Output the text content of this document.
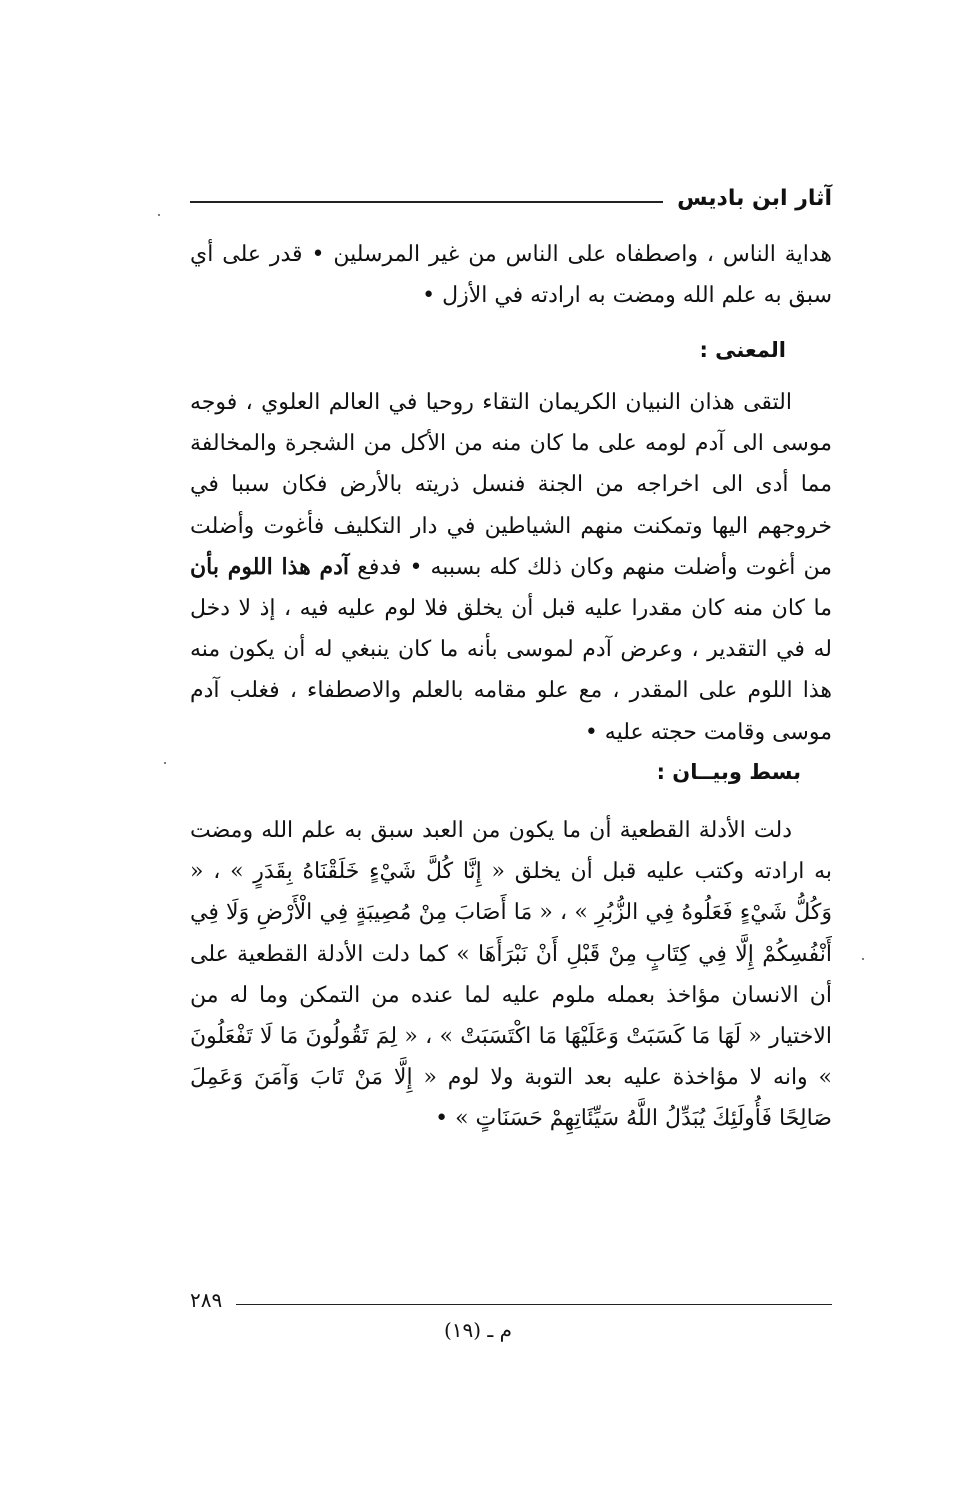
آثار ابن باديس
هداية الناس ، واصطفاه على الناس من غير المرسلين • قدر على أي سبق به علم الله ومضت به ارادته في الأزل •
المعنى :
التقى هذان النبيان الكريمان التقاء روحيا في العالم العلوي ، فوجه موسى الى آدم لومه على ما كان منه من الأكل من الشجرة والمخالفة مما أدى الى اخراجه من الجنة فنسل ذريته بالأرض فكان سببا في خروجهم اليها وتمكنت منهم الشياطين في دار التكليف فأغوت وأضلت من أغوت وأضلت منهم وكان ذلك كله بسببه • فدفع آدم هذا اللوم بأن ما كان منه كان مقدرا عليه قبل أن يخلق فلا لوم عليه فيه ، إذ لا دخل له في التقدير ، وعرض آدم لموسى بأنه ما كان ينبغي له أن يكون منه هذا اللوم على المقدر ، مع علو مقامه بالعلم والاصطفاء ، فغلب آدم موسى وقامت حجته عليه •
بسط وبيــان :
دلت الأدلة القطعية أن ما يكون من العبد سبق به علم الله ومضت به ارادته وكتب عليه قبل أن يخلق « إِنَّا كُلَّ شَيْءٍ خَلَقْنَاهُ بِقَدَرٍ » ، « وَكُلُّ شَيْءٍ فَعَلُوهُ فِي الزُّبُرِ » ، « مَا أَصَابَ مِنْ مُصِيبَةٍ فِي الْأَرْضِ وَلَا فِي أَنْفُسِكُمْ إِلَّا فِي كِتَابٍ مِنْ قَبْلِ أَنْ نَبْرَأَهَا » كما دلت الأدلة القطعية على أن الانسان مؤاخذ بعمله ملوم عليه لما عنده من التمكن وما له من الاختيار « لَهَا مَا كَسَبَتْ وَعَلَيْهَا مَا اكْتَسَبَتْ » ، « لِمَ تَقُولُونَ مَا لَا تَفْعَلُونَ » وانه لا مؤاخذة عليه بعد التوبة ولا لوم « إِلَّا مَنْ تَابَ وَآمَنَ وَعَمِلَ صَالِحًا فَأُولَئِكَ يُبَدِّلُ اللَّهُ سَيِّئَاتِهِمْ حَسَنَاتٍ » •
٢٨٩
م ـ (١٩)
